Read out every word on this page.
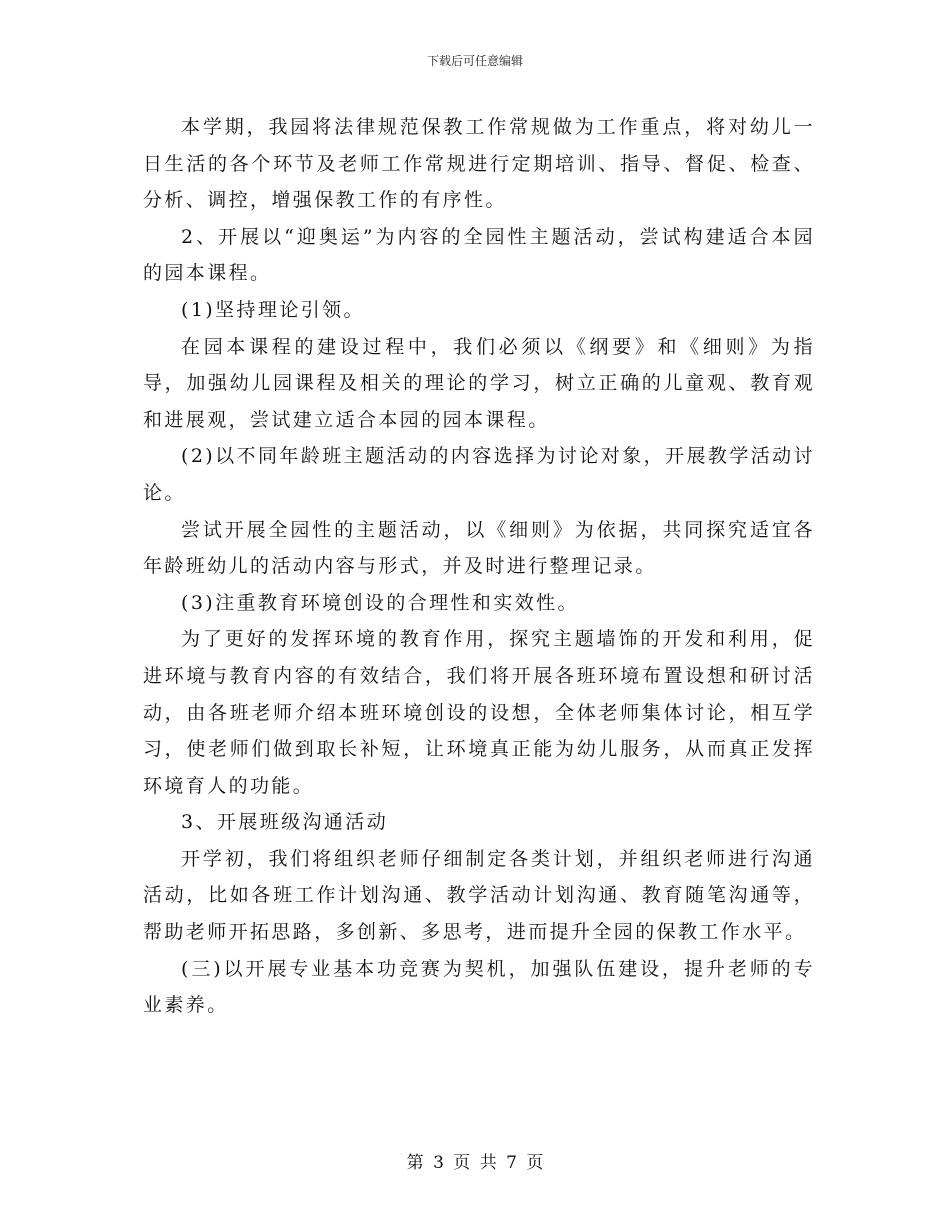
下载后可任意编辑

本学期，我园将法律规范保教工作常规做为工作重点，将对幼儿一日生活的各个环节及老师工作常规进行定期培训、指导、督促、检查、分析、调控，增强保教工作的有序性。

2、开展以“迎奥运”为内容的全园性主题活动，尝试构建适合本园的园本课程。

(1)坚持理论引领。

在园本课程的建设过程中，我们必须以《纲要》和《细则》为指导，加强幼儿园课程及相关的理论的学习，树立正确的儿童观、教育观和进展观，尝试建立适合本园的园本课程。

(2)以不同年龄班主题活动的内容选择为讨论对象，开展教学活动讨论。

尝试开展全园性的主题活动，以《细则》为依据，共同探究适宜各年龄班幼儿的活动内容与形式，并及时进行整理记录。

(3)注重教育环境创设的合理性和实效性。

为了更好的发挥环境的教育作用，探究主题墙饰的开发和利用，促进环境与教育内容的有效结合，我们将开展各班环境布置设想和研讨活动，由各班老师介绍本班环境创设的设想，全体老师集体讨论，相互学习，使老师们做到取长补短，让环境真正能为幼儿服务，从而真正发挥环境育人的功能。

3、开展班级沟通活动

开学初，我们将组织老师仔细制定各类计划，并组织老师进行沟通活动，比如各班工作计划沟通、教学活动计划沟通、教育随笔沟通等，帮助老师开拓思路，多创新、多思考，进而提升全园的保教工作水平。

(三)以开展专业基本功竞赛为契机，加强队伍建设，提升老师的专业素养。

第 3 页 共 7 页
